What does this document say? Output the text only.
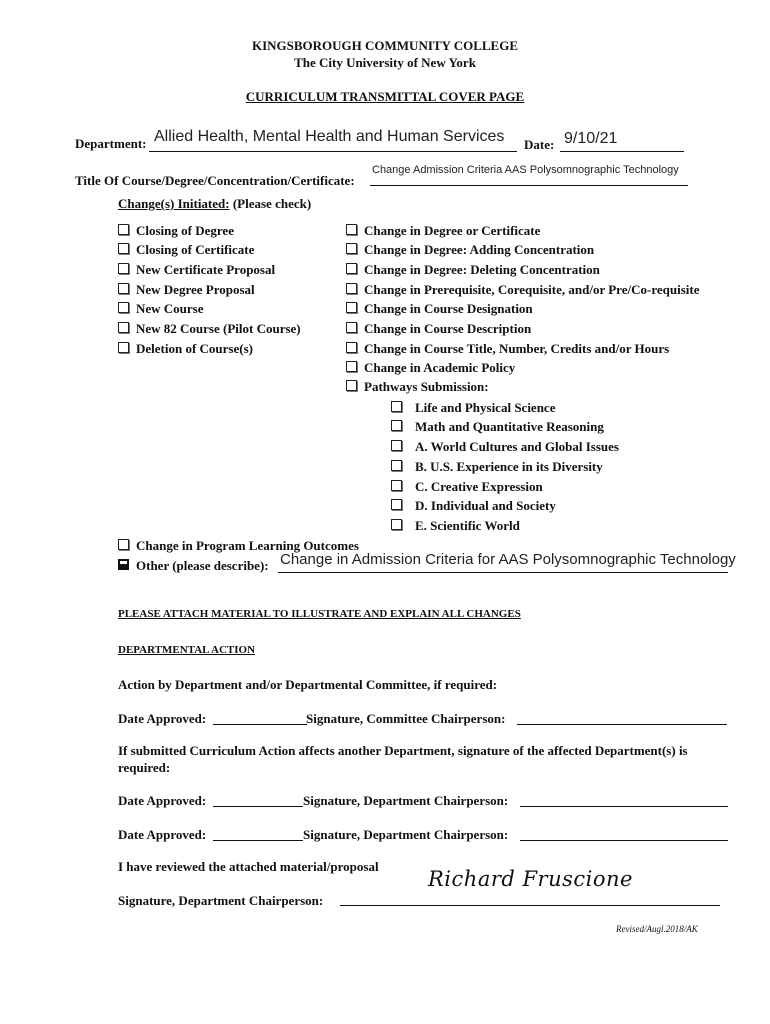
KINGSBOROUGH COMMUNITY COLLEGE
The City University of New York
CURRICULUM TRANSMITTAL COVER PAGE
Department: Allied Health, Mental Health and Human Services Date: 9/10/21
Title Of Course/Degree/Concentration/Certificate:
Change Admission Criteria AAS Polysomnographic Technology
Change(s) Initiated: (Please check)
Closing of Degree
Closing of Certificate
New Certificate Proposal
New Degree Proposal
New Course
New 82 Course (Pilot Course)
Deletion of Course(s)
Change in Degree or Certificate
Change in Degree: Adding Concentration
Change in Degree: Deleting Concentration
Change in Prerequisite, Corequisite, and/or Pre/Co-requisite
Change in Course Designation
Change in Course Description
Change in Course Title, Number, Credits and/or Hours
Change in Academic Policy
Pathways Submission:
Life and Physical Science
Math and Quantitative Reasoning
A. World Cultures and Global Issues
B. U.S. Experience in its Diversity
C. Creative Expression
D. Individual and Society
E. Scientific World
Change in Program Learning Outcomes
Other (please describe): Change in Admission Criteria for AAS Polysomnographic Technology
PLEASE ATTACH MATERIAL TO ILLUSTRATE AND EXPLAIN ALL CHANGES
DEPARTMENTAL ACTION
Action by Department and/or Departmental Committee, if required:
Date Approved:	Signature, Committee Chairperson:
If submitted Curriculum Action affects another Department, signature of the affected Department(s) is
required:
Date Approved:	Signature, Department Chairperson:
Date Approved:	Signature, Department Chairperson:
I have reviewed the attached material/proposal
Richard Fruscione
Signature, Department Chairperson:
Revised/Augl.2018/AK
